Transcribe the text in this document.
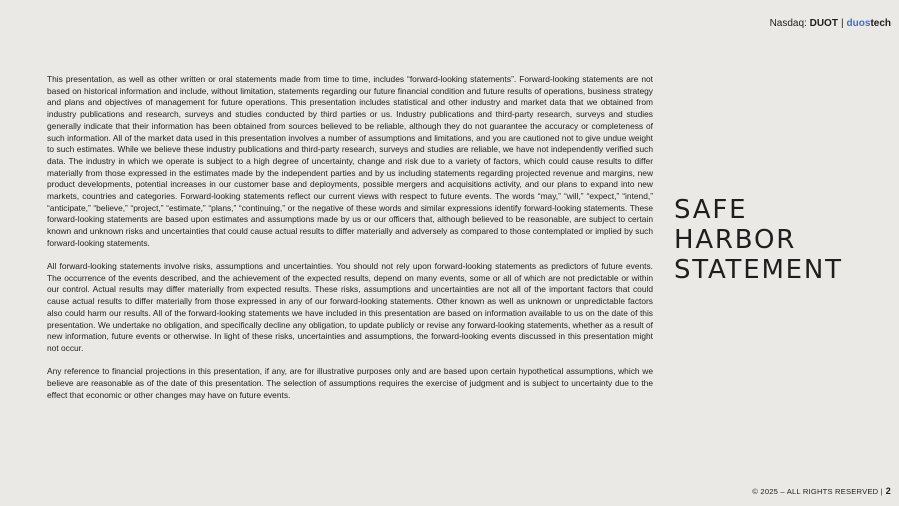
Nasdaq: DUOT | duostech

This presentation, as well as other written or oral statements made from time to time, includes “forward-looking statements”. Forward-looking statements are not based on historical information and include, without limitation, statements regarding our future financial condition and future results of operations, business strategy and plans and objectives of management for future operations. This presentation includes statistical and other industry and market data that we obtained from industry publications and research, surveys and studies conducted by third parties or us. Industry publications and third-party research, surveys and studies generally indicate that their information has been obtained from sources believed to be reliable, although they do not guarantee the accuracy or completeness of such information. All of the market data used in this presentation involves a number of assumptions and limitations, and you are cautioned not to give undue weight to such estimates. While we believe these industry publications and third-party research, surveys and studies are reliable, we have not independently verified such data. The industry in which we operate is subject to a high degree of uncertainty, change and risk due to a variety of factors, which could cause results to differ materially from those expressed in the estimates made by the independent parties and by us including statements regarding projected revenue and margins, new product developments, potential increases in our customer base and deployments, possible mergers and acquisitions activity, and our plans to expand into new markets, countries and categories. Forward-looking statements reflect our current views with respect to future events. The words “may,” “will,” “expect,” “intend,” “anticipate,” “believe,” “project,” “estimate,” “plans,” “continuing,” or the negative of these words and similar expressions identify forward-looking statements. These forward-looking statements are based upon estimates and assumptions made by us or our officers that, although believed to be reasonable, are subject to certain known and unknown risks and uncertainties that could cause actual results to differ materially and adversely as compared to those contemplated or implied by such forward-looking statements.

All forward-looking statements involve risks, assumptions and uncertainties. You should not rely upon forward-looking statements as predictors of future events. The occurrence of the events described, and the achievement of the expected results, depend on many events, some or all of which are not predictable or within our control. Actual results may differ materially from expected results. These risks, assumptions and uncertainties are not all of the important factors that could cause actual results to differ materially from those expressed in any of our forward-looking statements. Other known as well as unknown or unpredictable factors also could harm our results. All of the forward-looking statements we have included in this presentation are based on information available to us on the date of this presentation. We undertake no obligation, and specifically decline any obligation, to update publicly or revise any forward-looking statements, whether as a result of new information, future events or otherwise. In light of these risks, uncertainties and assumptions, the forward-looking events discussed in this presentation might not occur.

Any reference to financial projections in this presentation, if any, are for illustrative purposes only and are based upon certain hypothetical assumptions, which we believe are reasonable as of the date of this presentation. The selection of assumptions requires the exercise of judgment and is subject to uncertainty due to the effect that economic or other changes may have on future events.

SAFE
HARBOR
STATEMENT
© 2025 – ALL RIGHTS RESERVED | 2
